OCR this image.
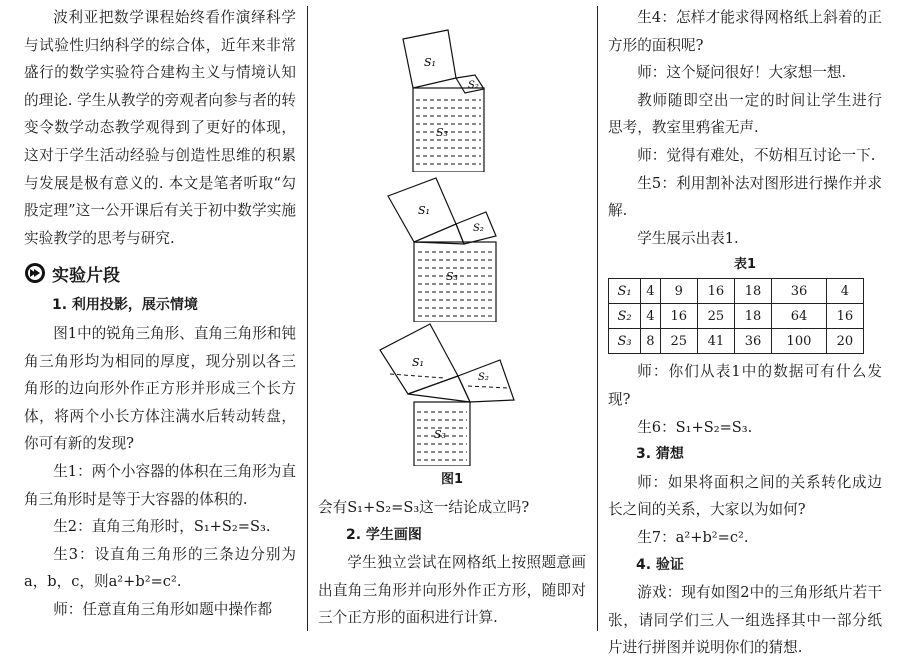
波利亚把数学课程始终看作演绎科学与试验性归纳科学的综合体，近年来非常盛行的数学实验符合建构主义与情境认知的理论. 学生从教学的旁观者向参与者的转变令数学动态教学观得到了更好的体现，这对于学生活动经验与创造性思维的积累与发展是极有意义的. 本文是笔者听取“勾股定理”这一公开课后有关于初中数学实施实验教学的思考与研究.

实验片段

1. 利用投影，展示情境

图1中的锐角三角形、直角三角形和钝角三角形均为相同的厚度，现分别以各三角形的边向形外作正方形并形成三个长方体，将两个小长方体注满水后转动转盘，你可有新的发现?

生1：两个小容器的体积在三角形为直角三角形时是等于大容器的体积的.

生2：直角三角形时，S₁+S₂=S₃.

生3：设直角三角形的三条边分别为a，b，c，则a²+b²=c².

师：任意直角三角形如题中操作都

S₁
S₂
S₃
S₁
S₂
S₃
S₁
S₂
S₃
图1

会有S₁+S₂=S₃这一结论成立吗?

2. 学生画图

学生独立尝试在网格纸上按照题意画出直角三角形并向形外作正方形，随即对三个正方形的面积进行计算.

生4：怎样才能求得网格纸上斜着的正方形的面积呢?

师：这个疑问很好！大家想一想.

教师随即空出一定的时间让学生进行思考，教室里鸦雀无声.

师：觉得有难处，不妨相互讨论一下.

生5：利用割补法对图形进行操作并求解.

学生展示出表1.

表1

S₁	4	9	16	18	36	4
S₂	4	16	25	18	64	16
S₃	8	25	41	36	100	20

师：你们从表1中的数据可有什么发现?

生6：S₁+S₂=S₃.

3. 猜想

师：如果将面积之间的关系转化成边长之间的关系，大家以为如何?

生7：a²+b²=c².

4. 验证

游戏：现有如图2中的三角形纸片若干张，请同学们三人一组选择其中一部分纸片进行拼图并说明你们的猜想.
